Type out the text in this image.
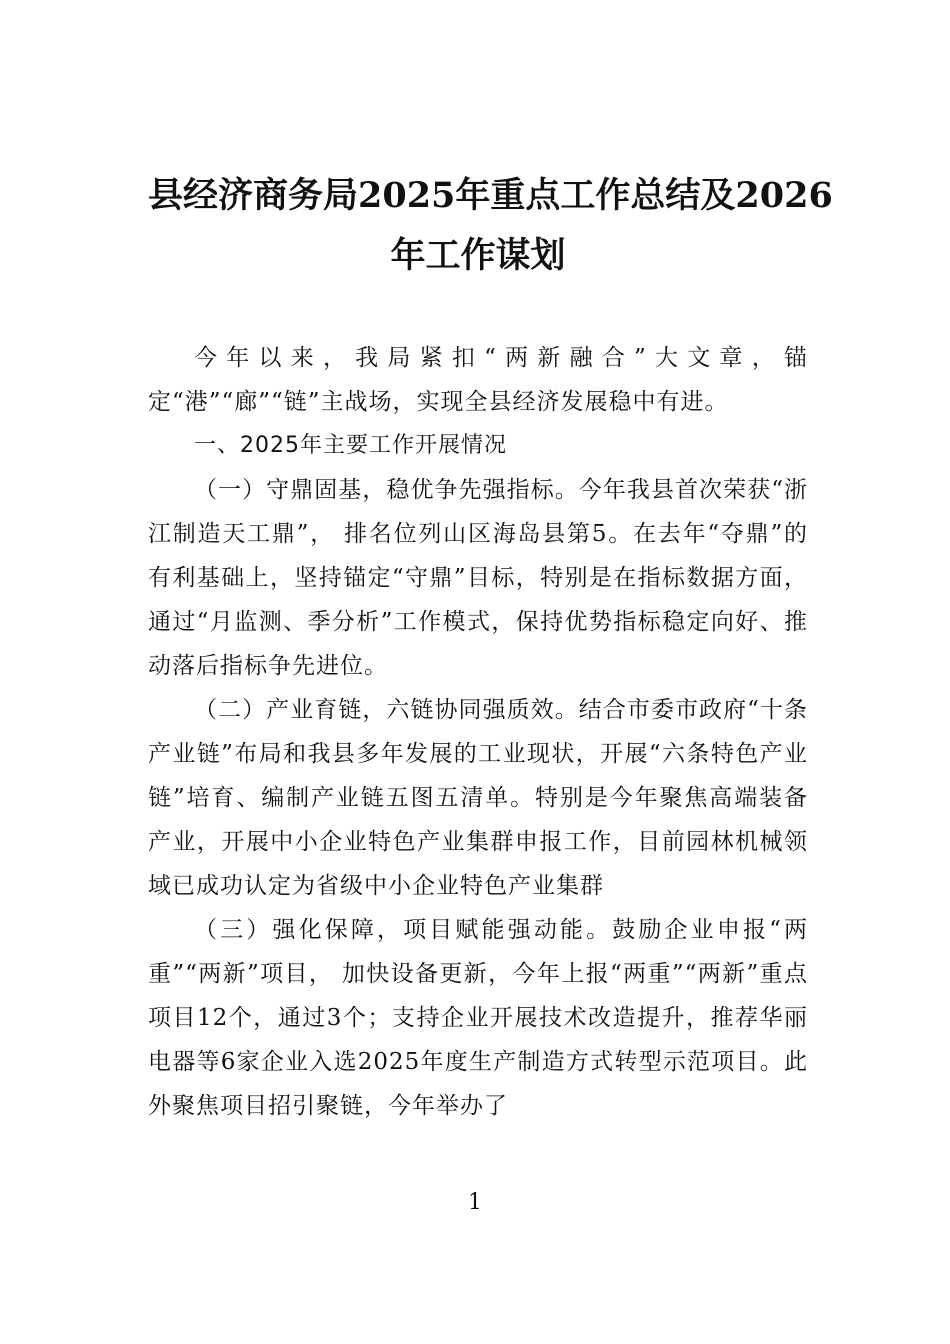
县经济商务局2025年重点工作总结及2026
年工作谋划

今年以来，我局紧扣“两新融合”大文章，锚定“港”“廊”“链”主战场，实现全县经济发展稳中有进。

一、2025年主要工作开展情况

（一）守鼎固基，稳优争先强指标。今年我县首次荣获“浙江制造天工鼎”， 排名位列山区海岛县第5。在去年“夺鼎”的有利基础上，坚持锚定“守鼎”目标，特别是在指标数据方面，通过“月监测、季分析”工作模式，保持优势指标稳定向好、推动落后指标争先进位。

（二）产业育链，六链协同强质效。结合市委市政府“十条产业链”布局和我县多年发展的工业现状，开展“六条特色产业链”培育、编制产业链五图五清单。特别是今年聚焦高端装备产业，开展中小企业特色产业集群申报工作，目前园林机械领域已成功认定为省级中小企业特色产业集群

（三）强化保障，项目赋能强动能。鼓励企业申报“两重”“两新”项目， 加快设备更新，今年上报“两重”“两新”重点项目12个，通过3个；支持企业开展技术改造提升，推荐华丽电器等6家企业入选2025年度生产制造方式转型示范项目。此外聚焦项目招引聚链，今年举办了

1
